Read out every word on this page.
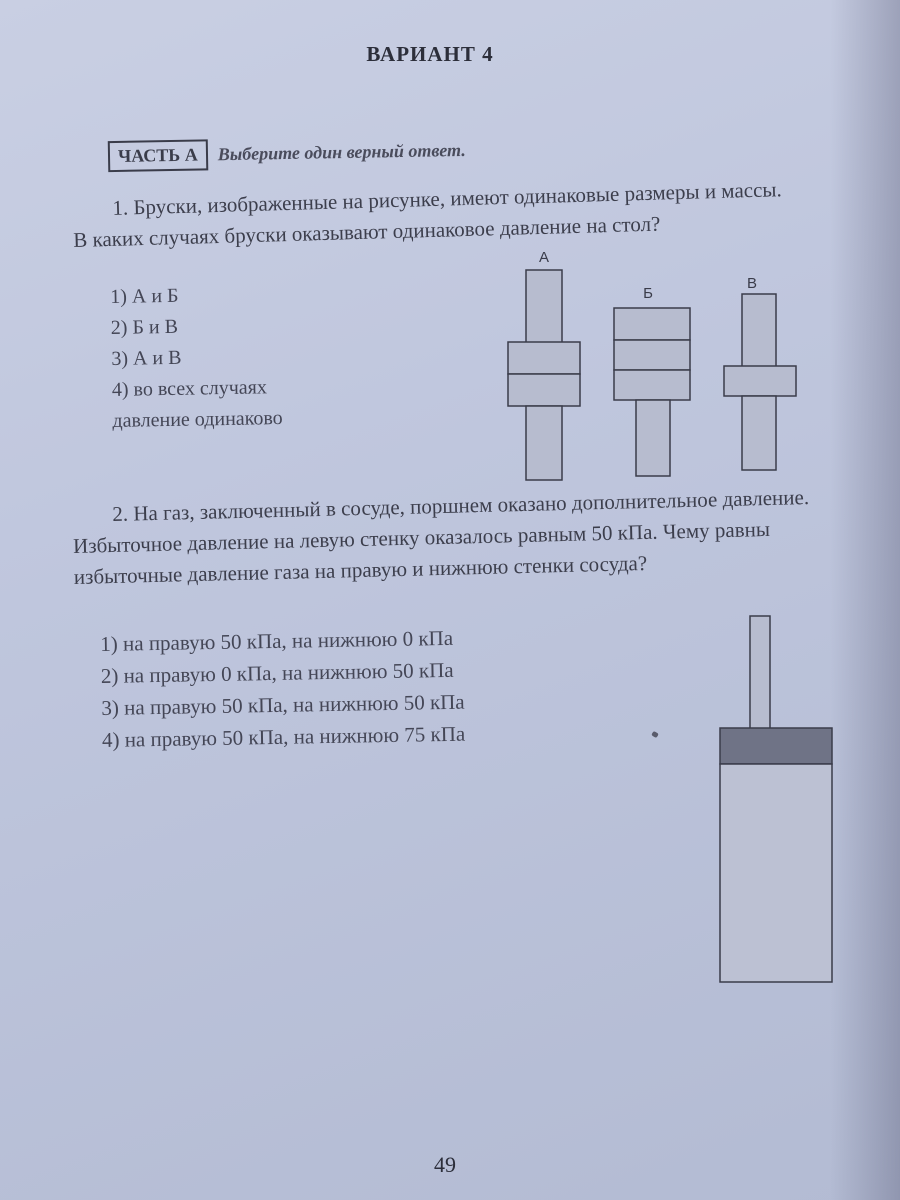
ВАРИАНТ 4
ЧАСТЬ А	Выберите один верный ответ.
1. Бруски, изображенные на рисунке, имеют одинаковые размеры и массы. В каких случаях бруски оказывают одинаковое давление на стол?
1) А и Б
2) Б и В
3) А и В
4) во всех случаях
давление одинаково
А
Б
В
2. На газ, заключенный в сосуде, поршнем оказано дополнительное давление. Избыточное давление на левую стенку оказалось равным 50 кПа. Чему равны избыточные давление газа на правую и нижнюю стенки сосуда?
1) на правую 50 кПа, на нижнюю 0 кПа
2) на правую 0 кПа, на нижнюю 50 кПа
3) на правую 50 кПа, на нижнюю 50 кПа
4) на правую 50 кПа, на нижнюю 75 кПа
49
